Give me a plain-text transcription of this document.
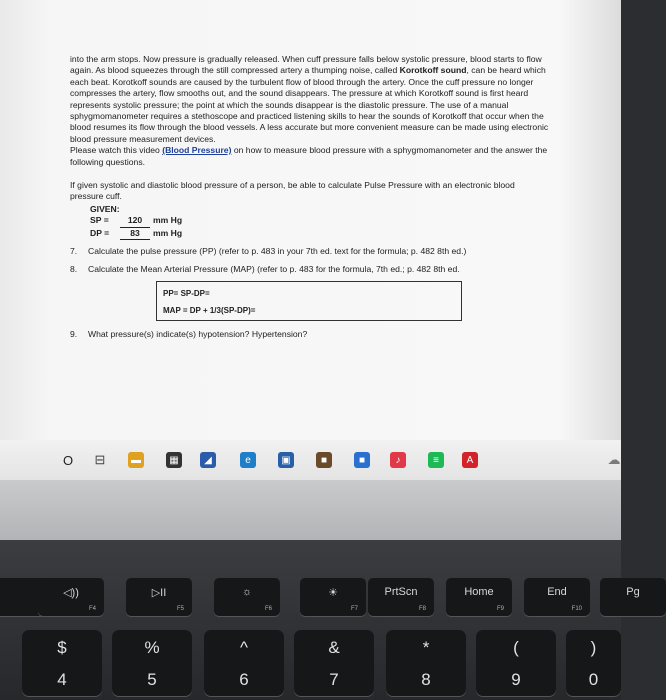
into the arm stops. Now pressure is gradually released. When cuff pressure falls below systolic pressure, blood starts to flow again. As blood squeezes through the still compressed artery a thumping noise, called Korotkoff sound, can be heard which each beat. Korotkoff sounds are caused by the turbulent flow of blood through the artery. Once the cuff pressure no longer compresses the artery, flow smooths out, and the sound disappears. The pressure at which Korotkoff sound is first heard represents systolic pressure; the point at which the sounds disappear is the diastolic pressure. The use of a manual sphygmomanometer requires a stethoscope and practiced listening skills to hear the sounds of Korotkoff that occur when the blood resumes its flow through the blood vessels. A less accurate but more convenient measure can be made using electronic blood pressure measurement devices.

Please watch this video (Blood Pressure) on how to measure blood pressure with a sphygmomanometer and the answer the following questions.

If given systolic and diastolic blood pressure of a person, be able to calculate Pulse Pressure with an electronic blood pressure cuff.

GIVEN:
SP =	120	mm Hg
DP =	83	mm Hg
7.	Calculate the pulse pressure (PP) (refer to p. 483 in your 7th ed. text for the formula; p. 482 8th ed.)
8.	Calculate the Mean Arterial Pressure (MAP) (refer to p. 483 for the formula, 7th ed.; p. 482 8th ed.
PP= SP-DP=
MAP = DP + 1/3(SP-DP)=
9.	What pressure(s) indicate(s) hypotension? Hypertension?
O ⊟	▬	▦	◢	e	▣	■	■	♪	≡	A	☁
◁))
F4
▷II
F5
☼
F6
☀
F7
PrtScn
F8
Home
F9
End
F10
Pg
$
4
%
5
^
6
&
7
*
8
(
9
)
0
